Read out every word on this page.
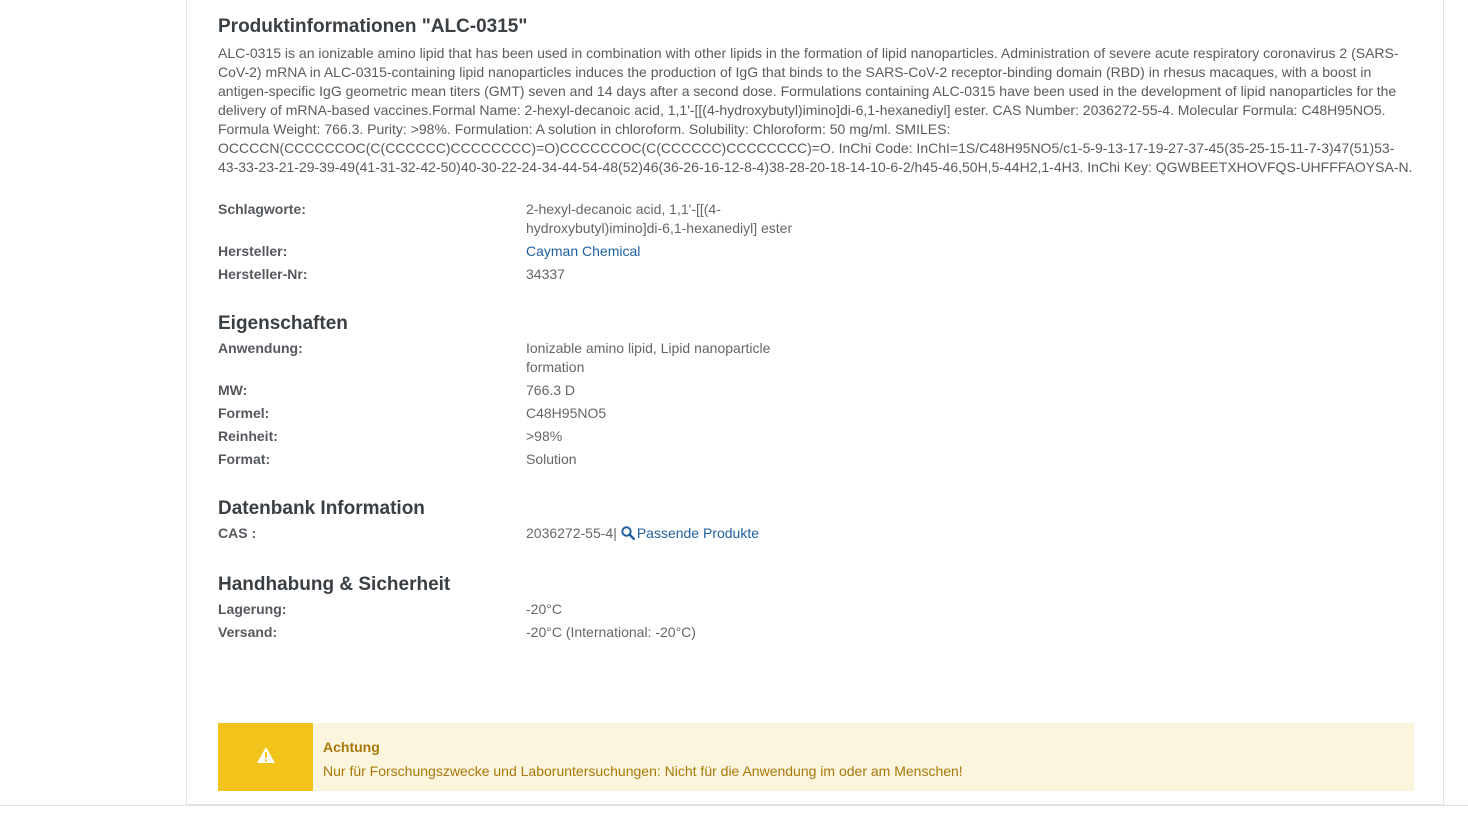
Produktinformationen "ALC-0315"

ALC-0315 is an ionizable amino lipid that has been used in combination with other lipids in the formation of lipid nanoparticles. Administration of severe acute respiratory coronavirus 2 (SARS-CoV-2) mRNA in ALC-0315-containing lipid nanoparticles induces the production of IgG that binds to the SARS-CoV-2 receptor-binding domain (RBD) in rhesus macaques, with a boost in antigen-specific IgG geometric mean titers (GMT) seven and 14 days after a second dose. Formulations containing ALC-0315 have been used in the development of lipid nanoparticles for the delivery of mRNA-based vaccines.Formal Name: 2-hexyl-decanoic acid, 1,1'-[[(4-hydroxybutyl)imino]di-6,1-hexanediyl] ester. CAS Number: 2036272-55-4. Molecular Formula: C48H95NO5. Formula Weight: 766.3. Purity: >98%. Formulation: A solution in chloroform. Solubility: Chloroform: 50 mg/ml. SMILES: OCCCCN(CCCCCCOC(C(CCCCCC)CCCCCCCC)=O)CCCCCCOC(C(CCCCCC)CCCCCCCC)=O. InChi Code: InChI=1S/C48H95NO5/c1-5-9-13-17-19-27-37-45(35-25-15-11-7-3)47(51)53-43-33-23-21-29-39-49(41-31-32-42-50)40-30-22-24-34-44-54-48(52)46(36-26-16-12-8-4)38-28-20-18-14-10-6-2/h45-46,50H,5-44H2,1-4H3. InChi Key: QGWBEETXHOVFQS-UHFFFAOYSA-N.

Schlagworte:	2-hexyl-decanoic acid, 1,1'-[[(4-hydroxybutyl)imino]di-6,1-hexanediyl] ester
Hersteller:	Cayman Chemical
Hersteller-Nr:	34337
Eigenschaften
Anwendung:	Ionizable amino lipid, Lipid nanoparticle formation
MW:	766.3 D
Formel:	C48H95NO5
Reinheit:	>98%
Format:	Solution
Datenbank Information
CAS :	2036272-55-4| Passende Produkte
Handhabung & Sicherheit
Lagerung:	-20°C
Versand:	-20°C (International: -20°C)
Achtung
Nur für Forschungszwecke und Laboruntersuchungen: Nicht für die Anwendung im oder am Menschen!
